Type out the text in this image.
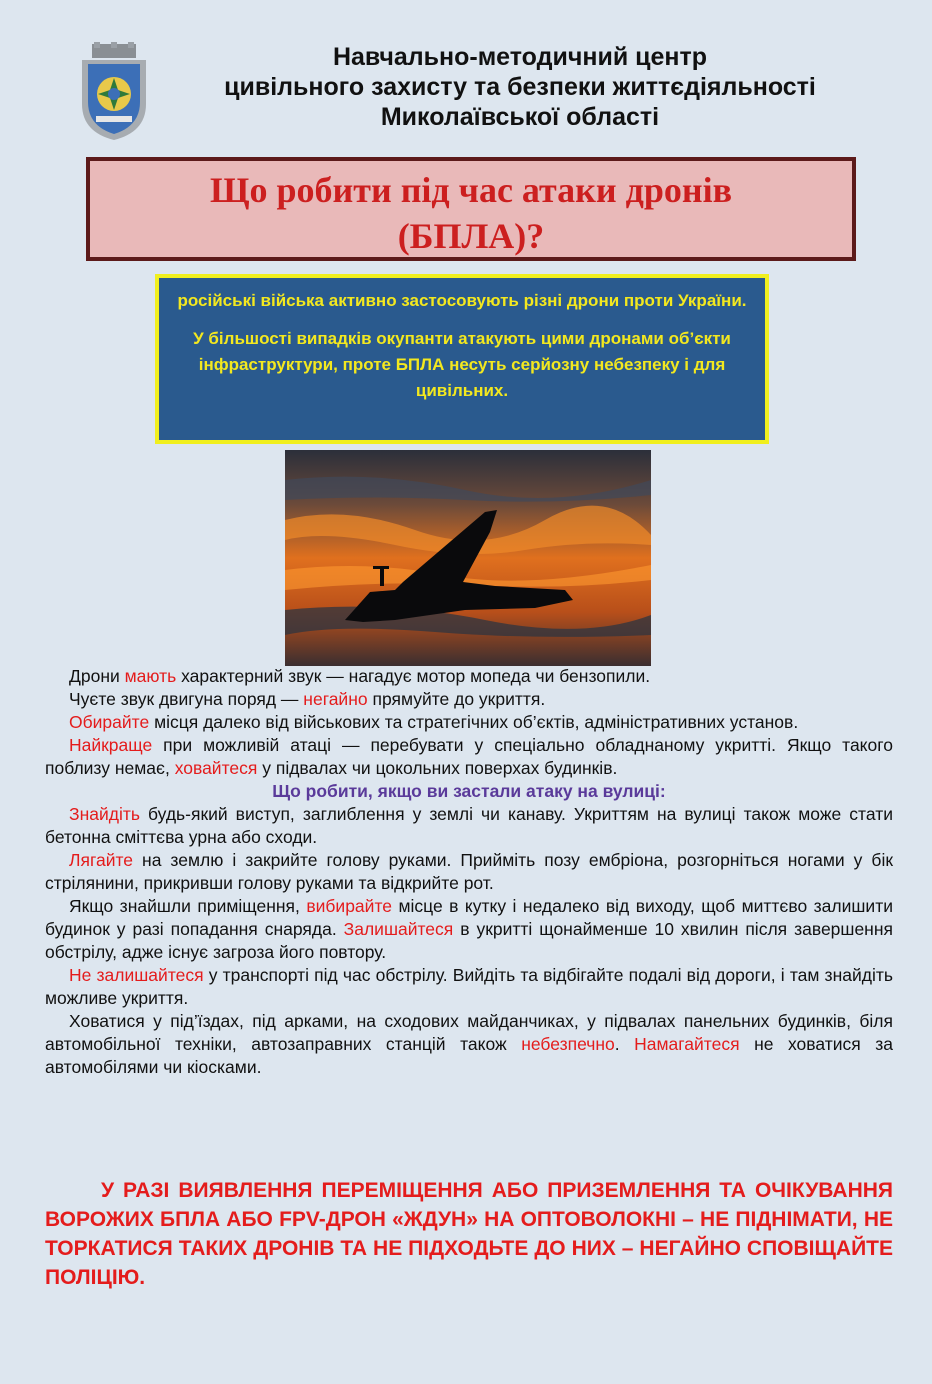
Навчально-методичний центр
цивільного захисту та безпеки життєдіяльності
Миколаївської області
Що робити під час атаки дронів
(БПЛА)?

російські війська активно застосовують різні дрони проти України.

У більшості випадків окупанти атакують цими дронами об’єкти інфраструктури, проте БПЛА несуть серйозну небезпеку і для цивільних.

Дрони мають характерний звук — нагадує мотор мопеда чи бензопили.

Чуєте звук двигуна поряд — негайно прямуйте до укриття.

Обирайте місця далеко від військових та стратегічних об’єктів, адміністративних установ.

Найкраще при можливій атаці — перебувати у спеціально обладнаному укритті. Якщо такого поблизу немає, ховайтеся у підвалах чи цокольних поверхах будинків.

Що робити, якщо ви застали атаку на вулиці:

Знайдіть будь-який виступ, заглиблення у землі чи канаву. Укриттям на вулиці також може стати бетонна сміттєва урна або сходи.

Лягайте на землю і закрийте голову руками. Прийміть позу ембріона, розгорніться ногами у бік стрілянини, прикривши голову руками та відкрийте рот.

Якщо знайшли приміщення, вибирайте місце в кутку і недалеко від виходу, щоб миттєво залишити будинок у разі попадання снаряда. Залишайтеся в укритті щонайменше 10 хвилин після завершення обстрілу, адже існує загроза його повтору.

Не залишайтеся у транспорті під час обстрілу. Вийдіть та відбігайте подалі від дороги, і там знайдіть можливе укриття.

Ховатися у під’їздах, під арками, на сходових майданчиках, у підвалах панельних будинків, біля автомобільної техніки, автозаправних станцій також небезпечно. Намагайтеся не ховатися за автомобілями чи кіосками.

У РАЗІ ВИЯВЛЕННЯ ПЕРЕМІЩЕННЯ АБО ПРИЗЕМЛЕННЯ ТА ОЧІКУВАННЯ ВОРОЖИХ БПЛА АБО FPV-ДРОН «ЖДУН» НА ОПТОВОЛОКНІ – НЕ ПІДНІМАТИ, НЕ ТОРКАТИСЯ ТАКИХ ДРОНІВ ТА НЕ ПІДХОДЬТЕ ДО НИХ – НЕГАЙНО СПОВІЩАЙТЕ ПОЛІЦІЮ.
